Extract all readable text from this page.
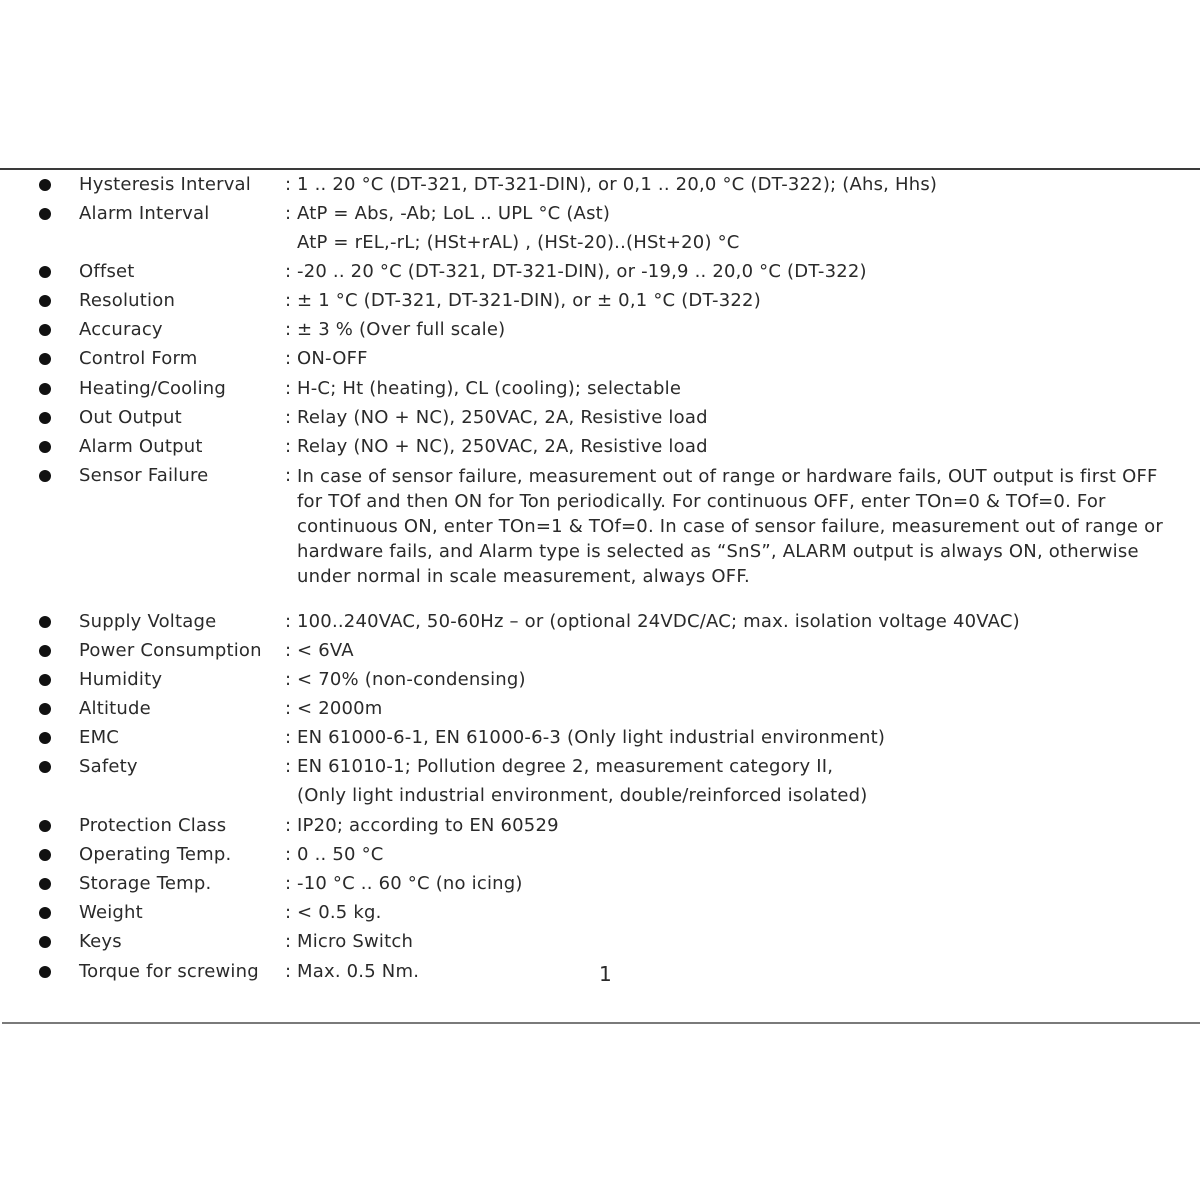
Hysteresis Interval : 1 .. 20 °C (DT-321, DT-321-DIN), or 0,1 .. 20,0 °C (DT-322); (Ahs, Hhs)
Alarm Interval	: AtP = Abs, -Ab; LoL .. UPL °C (Ast)
AtP = rEL,-rL; (HSt+rAL) , (HSt-20)..(HSt+20) °C
Offset	: -20 .. 20 °C (DT-321, DT-321-DIN), or -19,9 .. 20,0 °C (DT-322)
Resolution	: ± 1 °C (DT-321, DT-321-DIN), or ± 0,1 °C (DT-322)
Accuracy	: ± 3 % (Over full scale)
Control Form	: ON-OFF
Heating/Cooling	: H-C; Ht (heating), CL (cooling); selectable
Out Output	: Relay (NO + NC), 250VAC, 2A, Resistive load
Alarm Output	: Relay (NO + NC), 250VAC, 2A, Resistive load
Sensor Failure	: In case of sensor failure, measurement out of range or hardware fails, OUT output is first OFF
for TOf and then ON for Ton periodically. For continuous OFF, enter TOn=0 & TOf=0. For
continuous ON, enter TOn=1 & TOf=0. In case of sensor failure, measurement out of range or
hardware fails, and Alarm type is selected as “SnS”, ALARM output is always ON, otherwise
under normal in scale measurement, always OFF.
Supply Voltage	: 100..240VAC, 50-60Hz – or (optional 24VDC/AC; max. isolation voltage 40VAC)
Power Consumption : < 6VA
Humidity	: < 70% (non-condensing)
Altitude	: < 2000m
EMC	: EN 61000-6-1, EN 61000-6-3 (Only light industrial environment)
Safety	: EN 61010-1; Pollution degree 2, measurement category II,
(Only light industrial environment, double/reinforced isolated)
Protection Class	: IP20; according to EN 60529
Operating Temp.	: 0 .. 50 °C
Storage Temp.	: -10 °C .. 60 °C (no icing)
Weight	: < 0.5 kg.
Keys	: Micro Switch
Torque for screwing : Max. 0.5 Nm.	1
